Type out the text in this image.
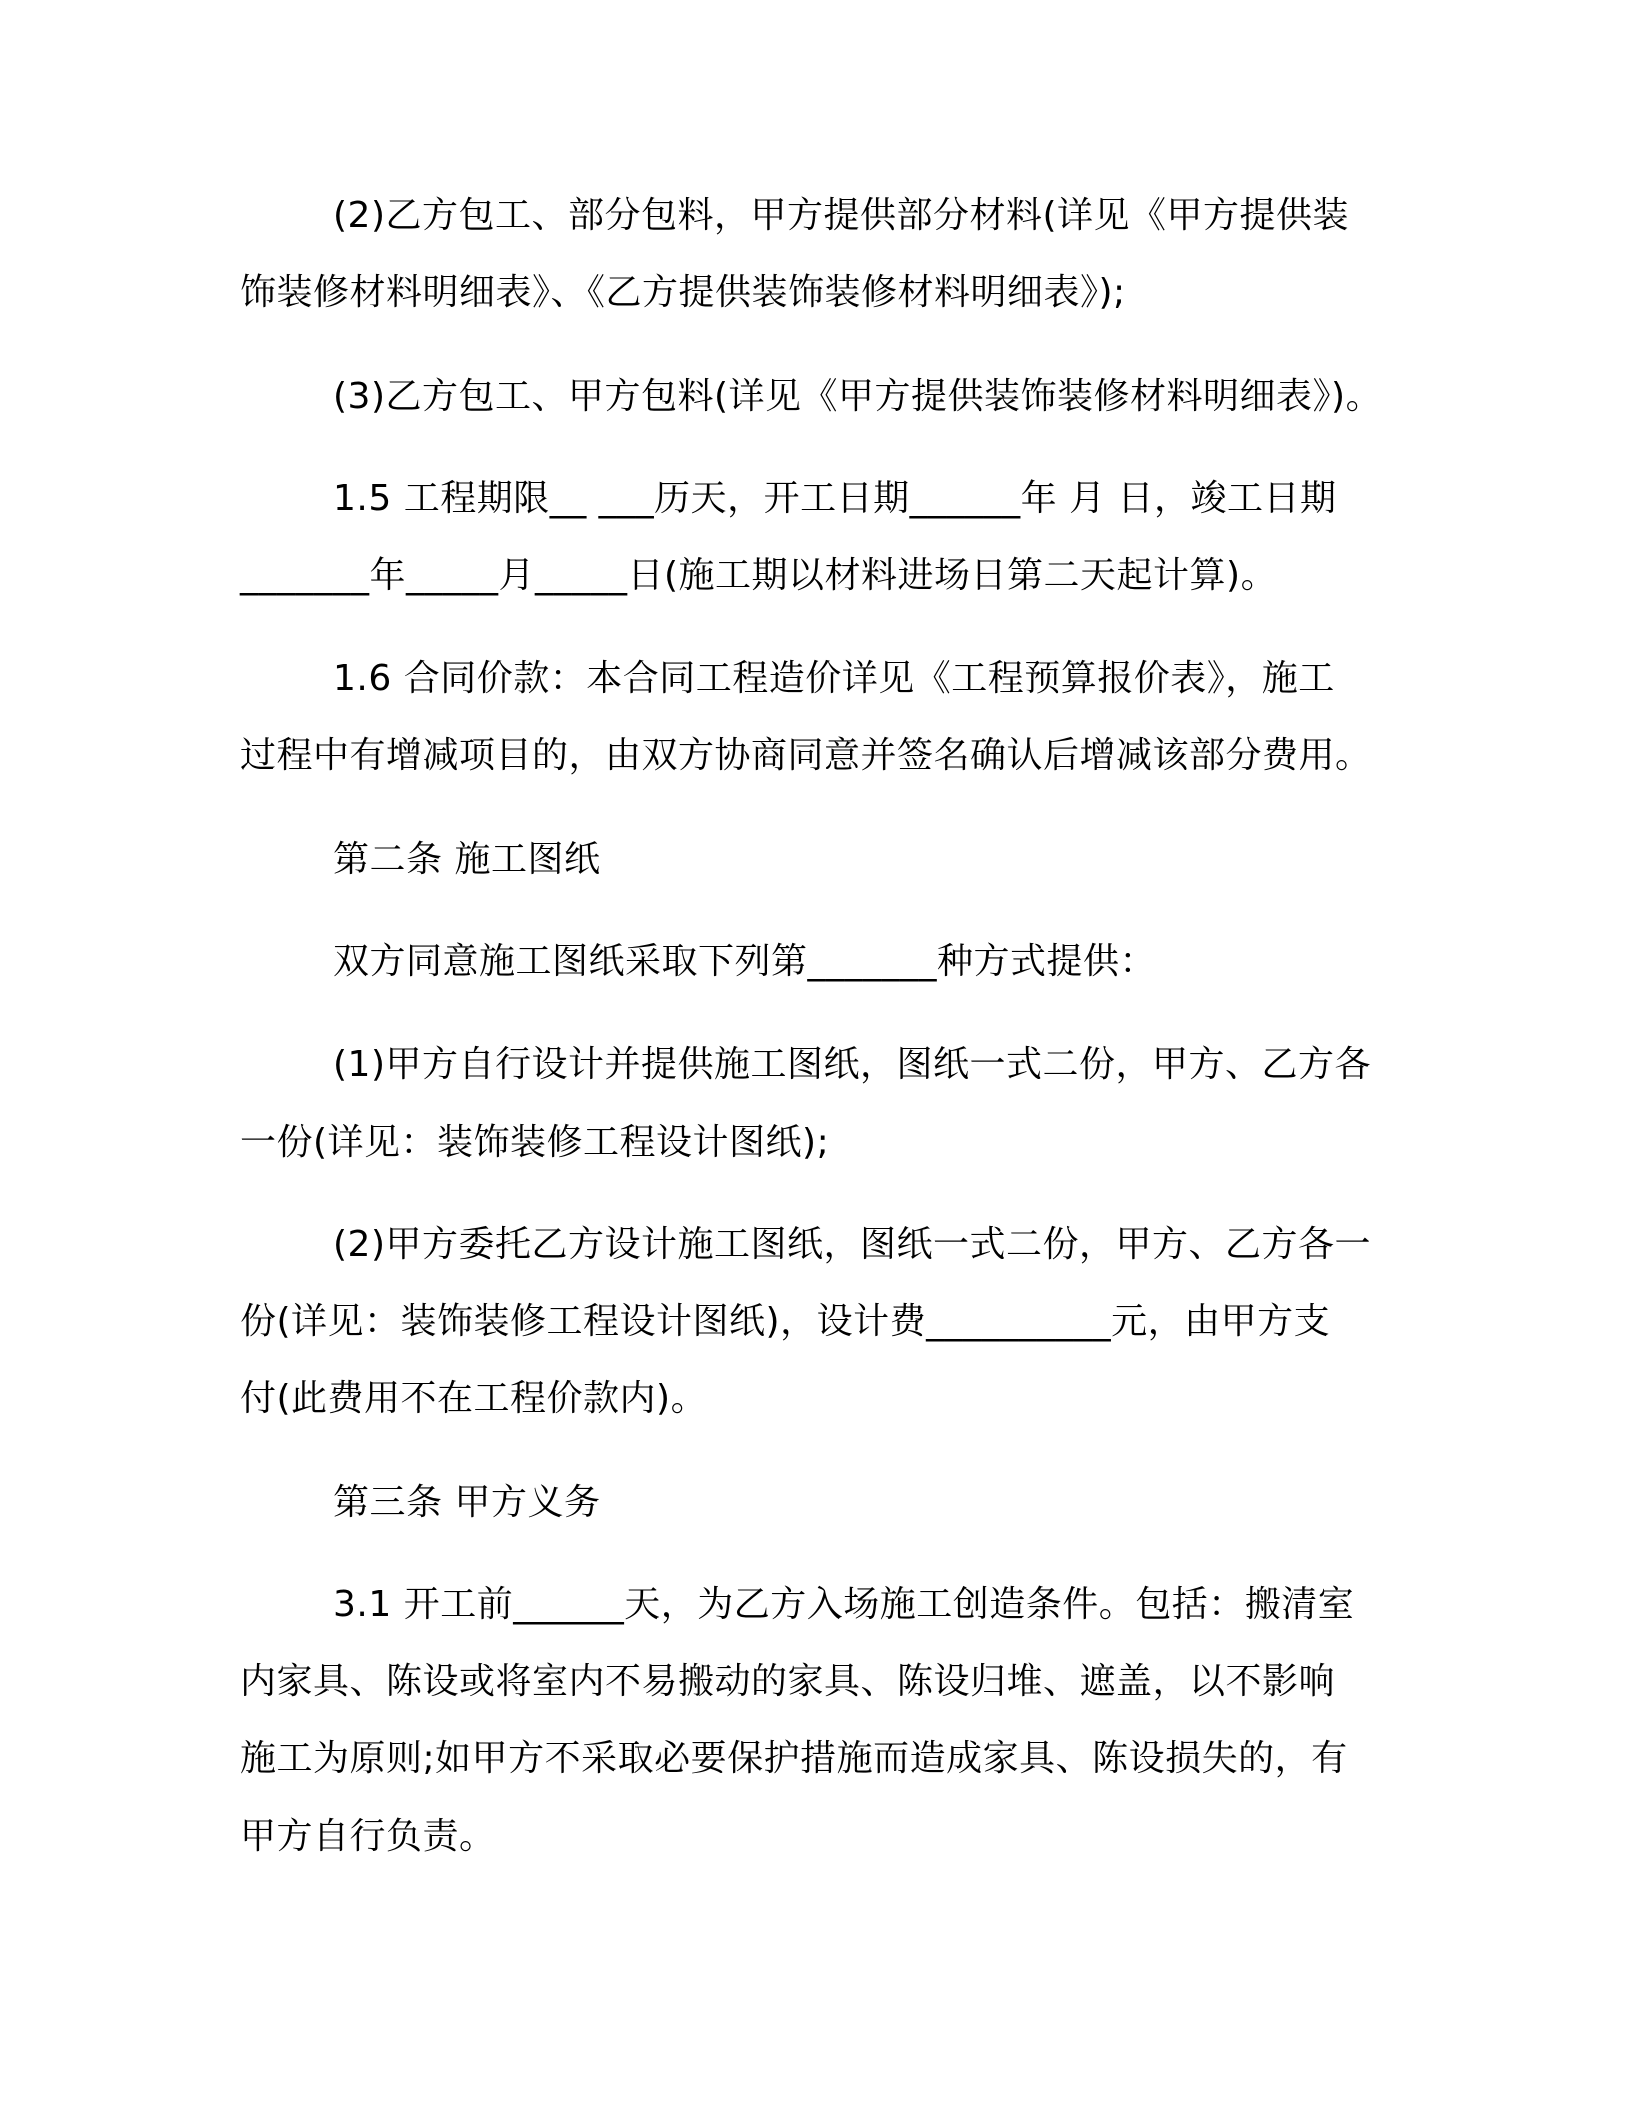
(2)乙方包工、部分包料，甲方提供部分材料(详见《甲方提供装

饰装修材料明细表》、《乙方提供装饰装修材料明细表》);

(3)乙方包工、甲方包料(详见《甲方提供装饰装修材料明细表》)。

1.5 工程期限__ ___历天，开工日期______年 月 日，竣工日期

_______年_____月_____日(施工期以材料进场日第二天起计算)。

1.6 合同价款：本合同工程造价详见《工程预算报价表》，施工

过程中有增减项目的，由双方协商同意并签名确认后增减该部分费用。

第二条 施工图纸

双方同意施工图纸采取下列第_______种方式提供：

(1)甲方自行设计并提供施工图纸，图纸一式二份，甲方、乙方各

一份(详见：装饰装修工程设计图纸);

(2)甲方委托乙方设计施工图纸，图纸一式二份，甲方、乙方各一

份(详见：装饰装修工程设计图纸)，设计费__________元，由甲方支

付(此费用不在工程价款内)。

第三条 甲方义务

3.1 开工前______天，为乙方入场施工创造条件。包括：搬清室

内家具、陈设或将室内不易搬动的家具、陈设归堆、遮盖，以不影响

施工为原则;如甲方不采取必要保护措施而造成家具、陈设损失的，有

甲方自行负责。
